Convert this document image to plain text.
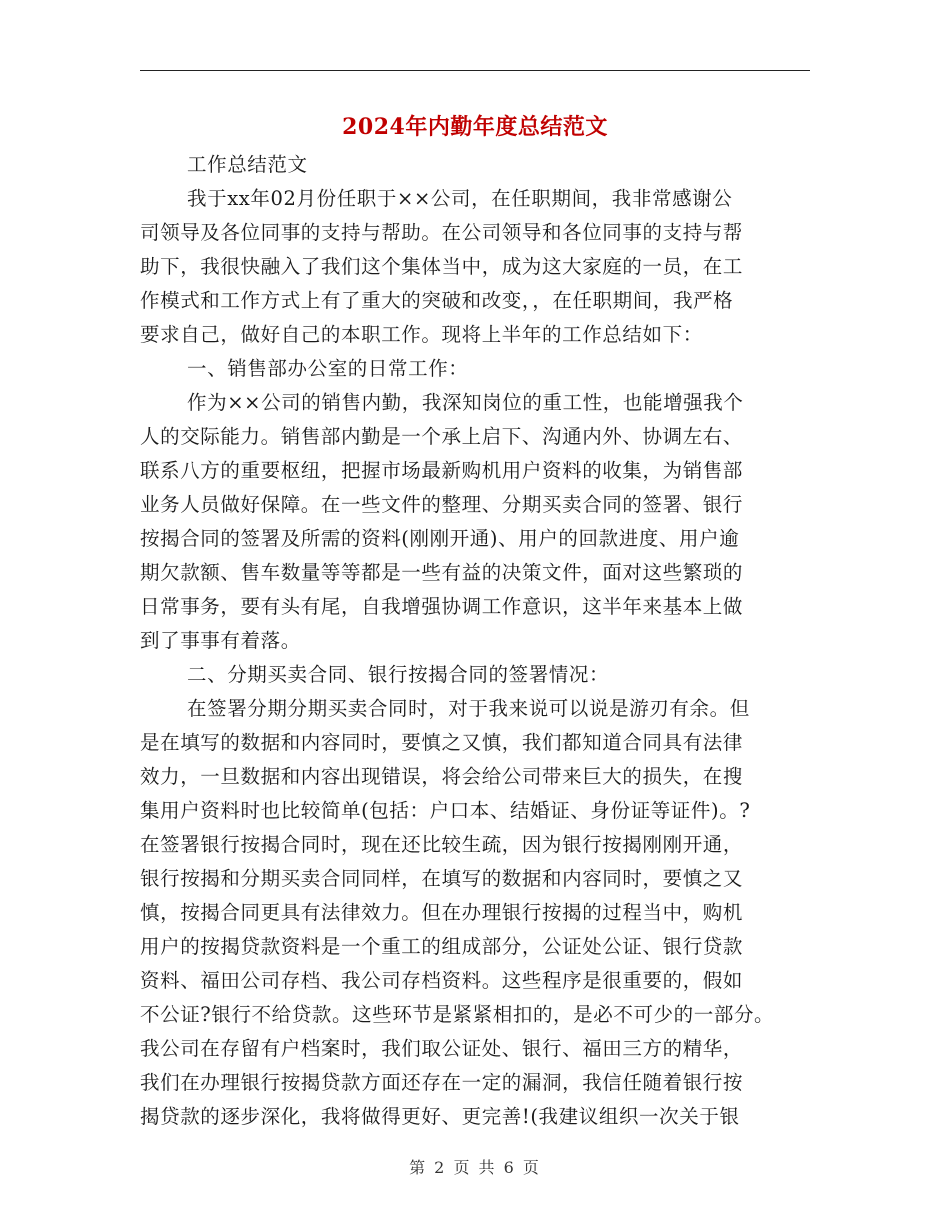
2024年内勤年度总结范文
工作总结范文
我于xx年02月份任职于××公司，在任职期间，我非常感谢公
司领导及各位同事的支持与帮助。在公司领导和各位同事的支持与帮
助下，我很快融入了我们这个集体当中，成为这大家庭的一员，在工
作模式和工作方式上有了重大的突破和改变，，在任职期间，我严格
要求自己，做好自己的本职工作。现将上半年的工作总结如下：
一、销售部办公室的日常工作：
作为××公司的销售内勤，我深知岗位的重工性，也能增强我个
人的交际能力。销售部内勤是一个承上启下、沟通内外、协调左右、
联系八方的重要枢纽，把握市场最新购机用户资料的收集，为销售部
业务人员做好保障。在一些文件的整理、分期买卖合同的签署、银行
按揭合同的签署及所需的资料(刚刚开通)、用户的回款进度、用户逾
期欠款额、售车数量等等都是一些有益的决策文件，面对这些繁琐的
日常事务，要有头有尾，自我增强协调工作意识，这半年来基本上做
到了事事有着落。
二、分期买卖合同、银行按揭合同的签署情况：
在签署分期分期买卖合同时，对于我来说可以说是游刃有余。但
是在填写的数据和内容同时，要慎之又慎，我们都知道合同具有法律
效力，一旦数据和内容出现错误，将会给公司带来巨大的损失，在搜
集用户资料时也比较简单(包括：户口本、结婚证、身份证等证件)。?
在签署银行按揭合同时，现在还比较生疏，因为银行按揭刚刚开通，
银行按揭和分期买卖合同同样，在填写的数据和内容同时，要慎之又
慎，按揭合同更具有法律效力。但在办理银行按揭的过程当中，购机
用户的按揭贷款资料是一个重工的组成部分，公证处公证、银行贷款
资料、福田公司存档、我公司存档资料。这些程序是很重要的，假如
不公证?银行不给贷款。这些环节是紧紧相扣的，是必不可少的一部分。
我公司在存留有户档案时，我们取公证处、银行、福田三方的精华，
我们在办理银行按揭贷款方面还存在一定的漏洞，我信任随着银行按
揭贷款的逐步深化，我将做得更好、更完善!(我建议组织一次关于银
第 2 页 共 6 页
